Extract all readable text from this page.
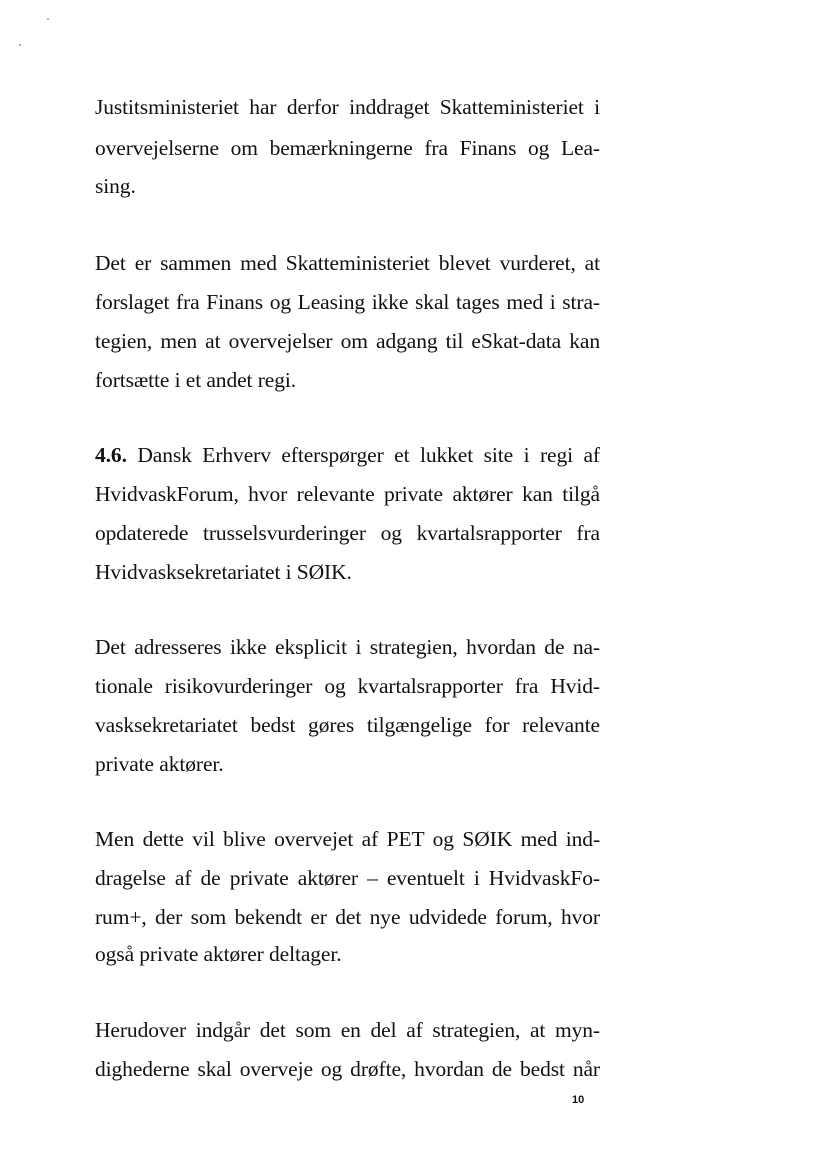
Justitsministeriet har derfor inddraget Skatteministeriet i
overvejelserne om bemærkningerne fra Finans og Lea-
sing.
Det er sammen med Skatteministeriet blevet vurderet, at
forslaget fra Finans og Leasing ikke skal tages med i stra-
tegien, men at overvejelser om adgang til eSkat-data kan
fortsætte i et andet regi.
4.6. Dansk Erhverv efterspørger et lukket site i regi af
HvidvaskForum, hvor relevante private aktører kan tilgå
opdaterede trusselsvurderinger og kvartalsrapporter fra
Hvidvasksekretariatet i SØIK.
Det adresseres ikke eksplicit i strategien, hvordan de na-
tionale risikovurderinger og kvartalsrapporter fra Hvid-
vasksekretariatet bedst gøres tilgængelige for relevante
private aktører.
Men dette vil blive overvejet af PET og SØIK med ind-
dragelse af de private aktører – eventuelt i HvidvaskFo-
rum+, der som bekendt er det nye udvidede forum, hvor
også private aktører deltager.
Herudover indgår det som en del af strategien, at myn-
dighederne skal overveje og drøfte, hvordan de bedst når
10
